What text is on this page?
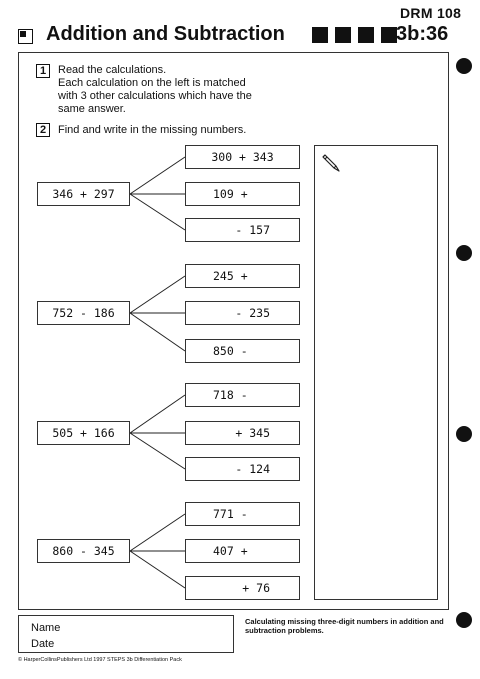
DRM 108
Addition and Subtraction	3b:36
1	Read the calculations.
Each calculation on the left is matched
with 3 other calculations which have the
same answer.
2	Find and write in the missing numbers.
346 + 297
300 + 343
109 +
- 157
752 - 186
245 +
- 235
850 -
505 + 166
718 -
+ 345
- 124
860 - 345
771 -
407 +
+ 76
Name
Date
Calculating missing three-digit numbers in addition and subtraction problems.
© HarperCollinsPublishers Ltd 1997 STEPS 3b Differentiation Pack
